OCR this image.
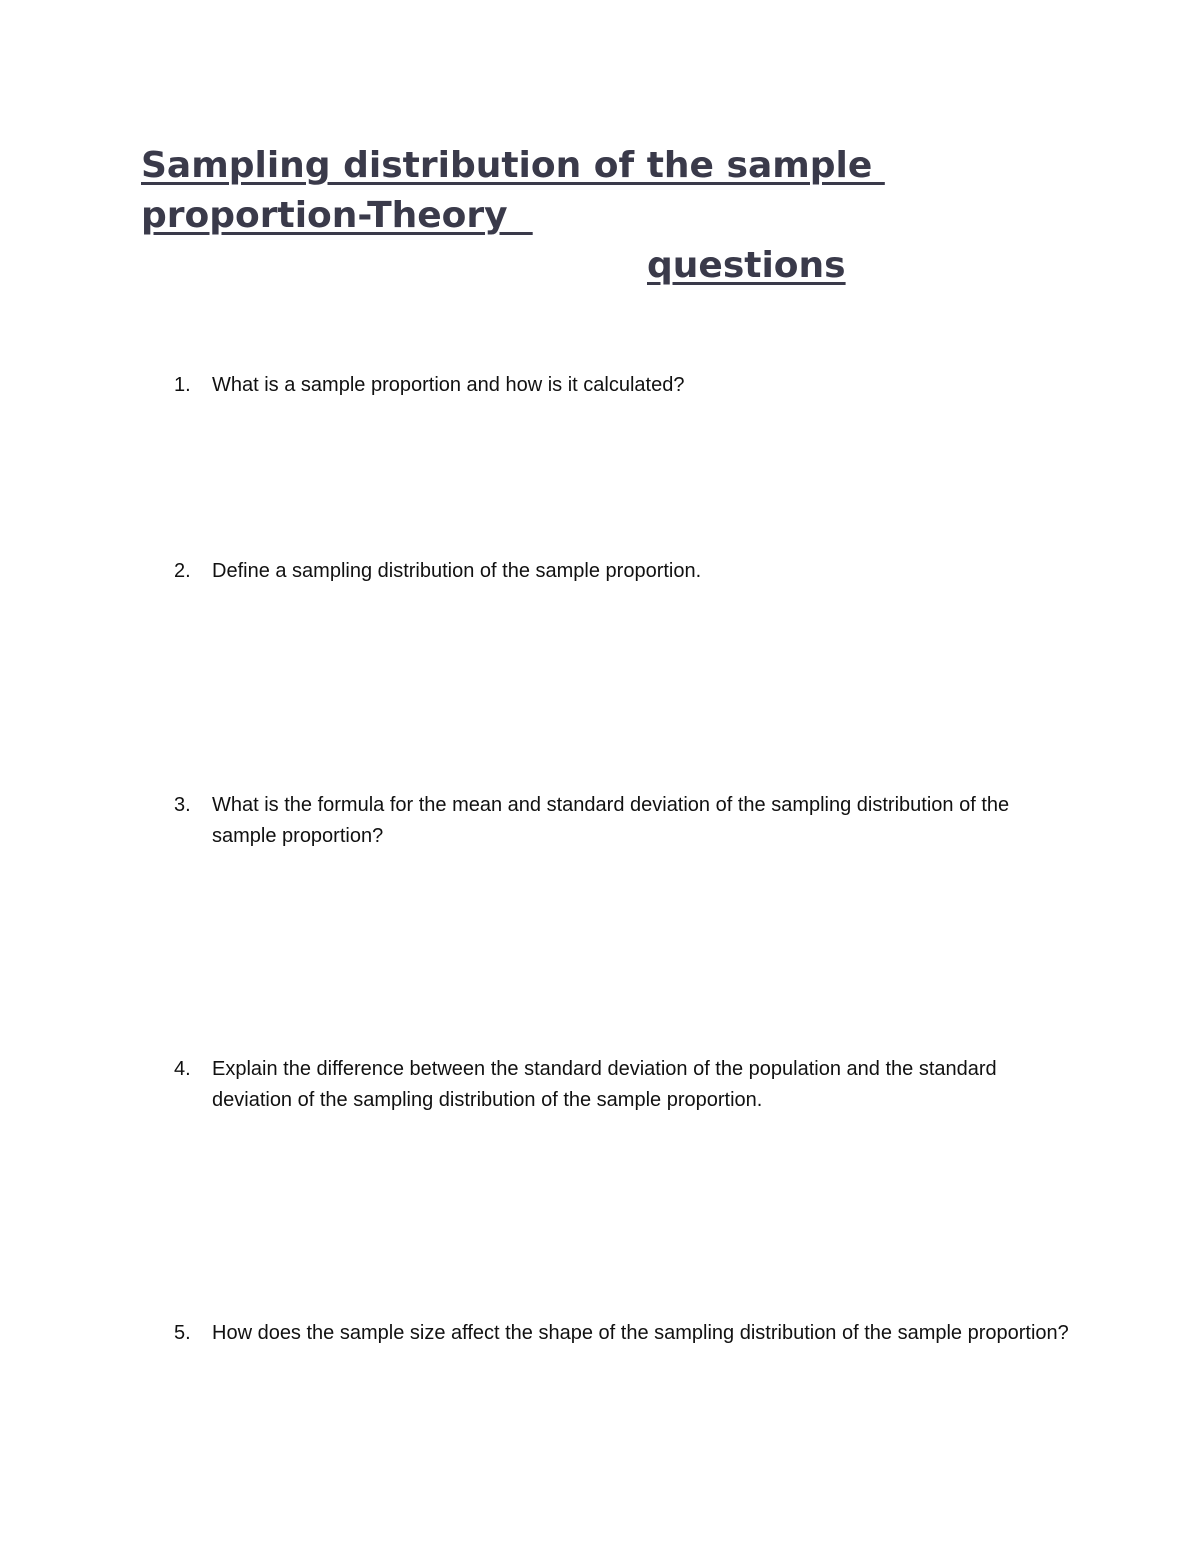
Sampling distribution of the sample
proportion-Theory
questions
1.	What is a sample proportion and how is it calculated?
2.	Define a sampling distribution of the sample proportion.
3.	What is the formula for the mean and standard deviation of the sampling distribution of the sample proportion?
4.	Explain the difference between the standard deviation of the population and the standard deviation of the sampling distribution of the sample proportion.
5.	How does the sample size affect the shape of the sampling distribution of the sample proportion?
